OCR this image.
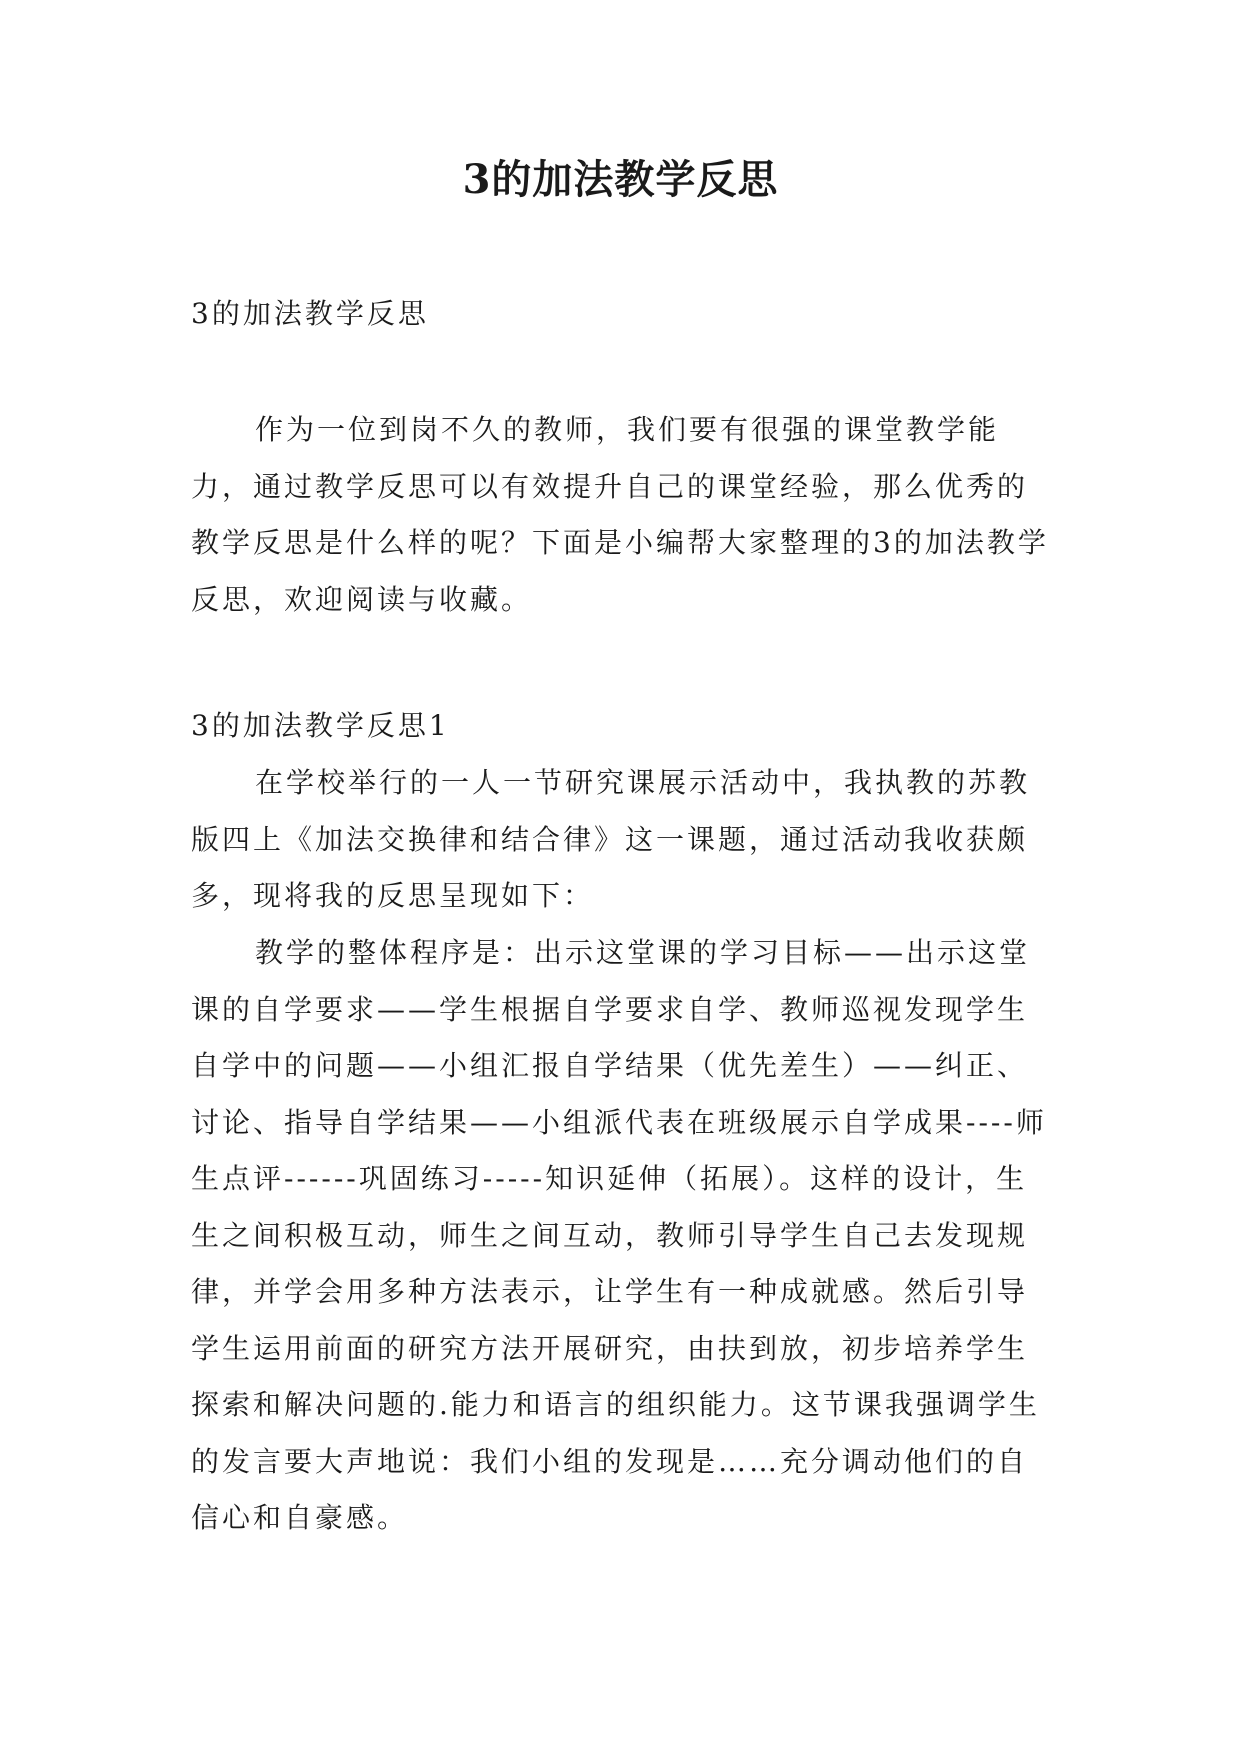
3的加法教学反思

3的加法教学反思

作为一位到岗不久的教师，我们要有很强的课堂教学能力，通过教学反思可以有效提升自己的课堂经验，那么优秀的教学反思是什么样的呢？下面是小编帮大家整理的3的加法教学反思，欢迎阅读与收藏。

3的加法教学反思1

在学校举行的一人一节研究课展示活动中，我执教的苏教版四上《加法交换律和结合律》这一课题，通过活动我收获颇多，现将我的反思呈现如下：

教学的整体程序是：出示这堂课的学习目标——出示这堂课的自学要求——学生根据自学要求自学、教师巡视发现学生自学中的问题——小组汇报自学结果（优先差生）——纠正、讨论、指导自学结果——小组派代表在班级展示自学成果----师生点评------巩固练习-----知识延伸（拓展）。这样的设计，生生之间积极互动，师生之间互动，教师引导学生自己去发现规律，并学会用多种方法表示，让学生有一种成就感。然后引导学生运用前面的研究方法开展研究，由扶到放，初步培养学生探索和解决问题的.能力和语言的组织能力。这节课我强调学生的发言要大声地说：我们小组的发现是……充分调动他们的自信心和自豪感。
